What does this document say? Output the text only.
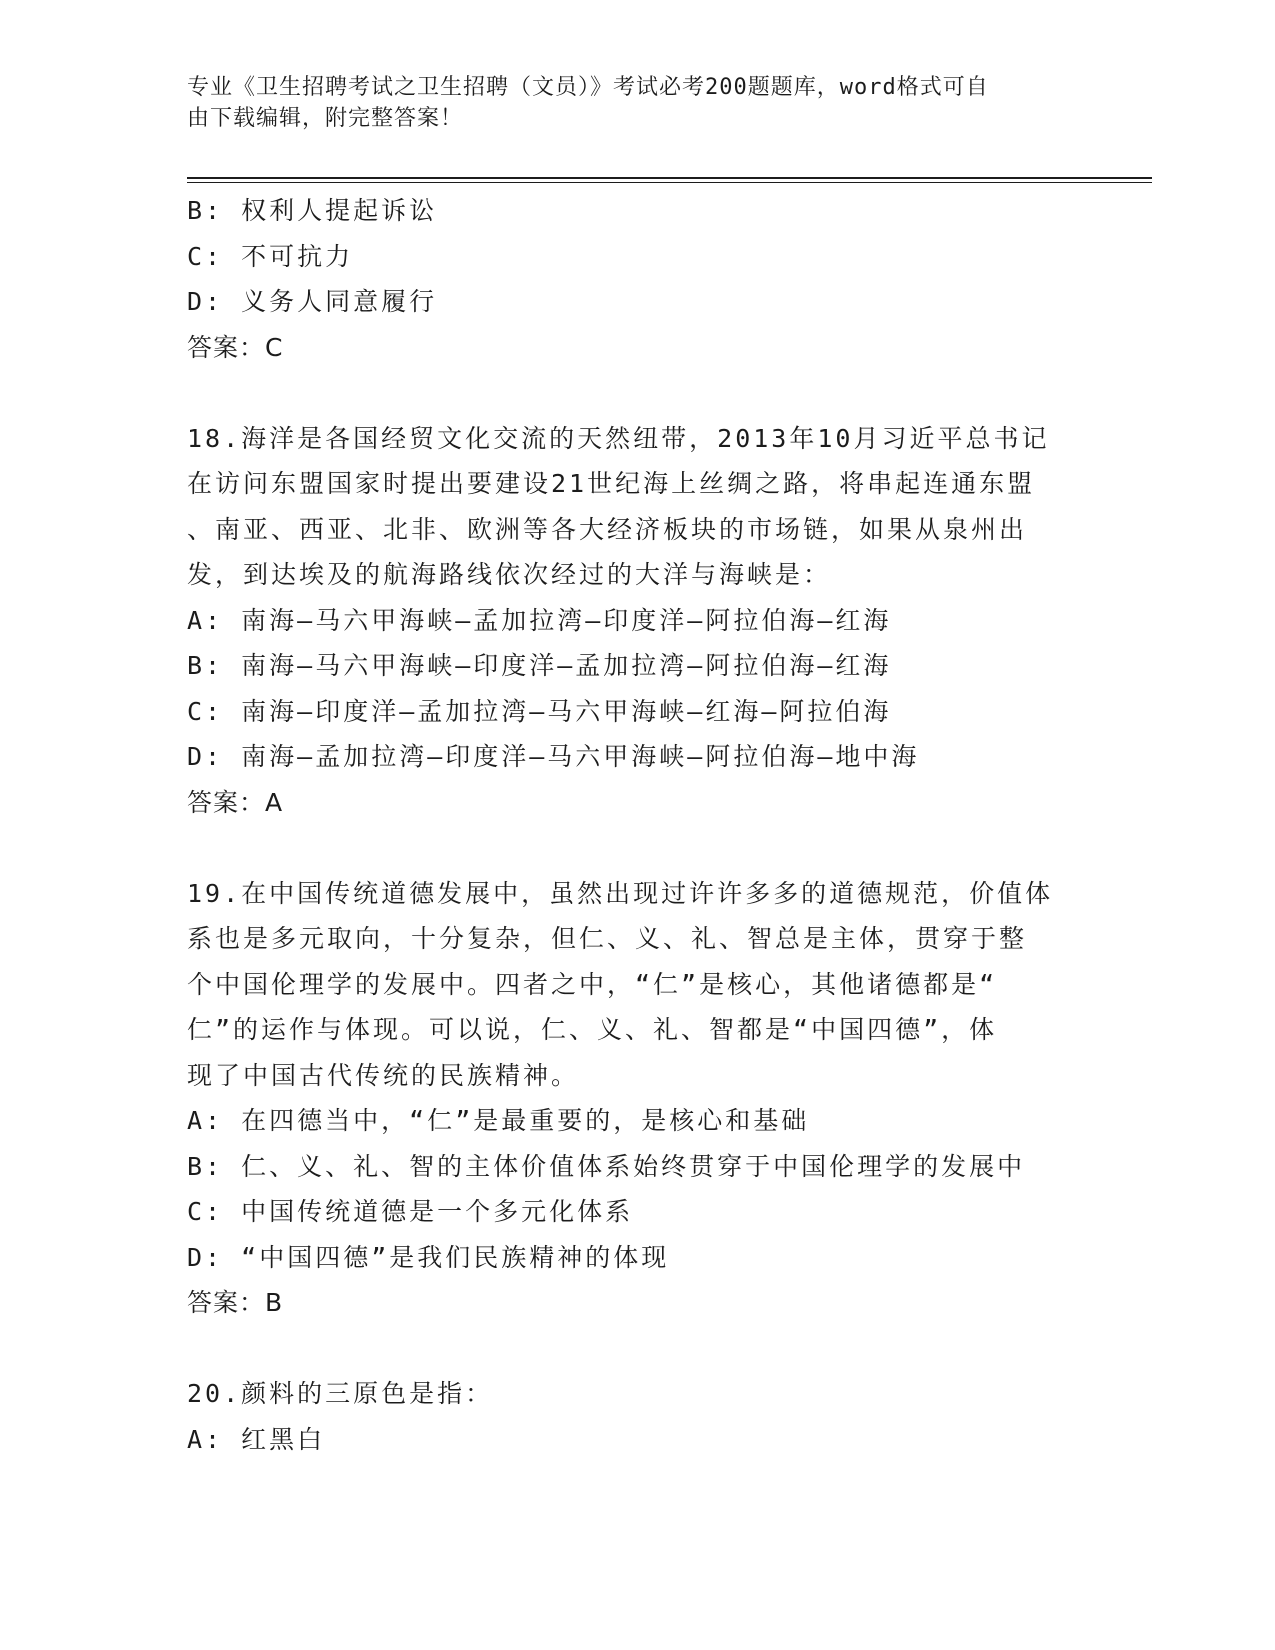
专业《卫生招聘考试之卫生招聘（文员）》考试必考200题题库，word格式可自
由下载编辑，附完整答案！
B: 权利人提起诉讼
C: 不可抗力
D: 义务人同意履行
答案：C
18.海洋是各国经贸文化交流的天然纽带，2013年10月习近平总书记
在访问东盟国家时提出要建设21世纪海上丝绸之路，将串起连通东盟
、南亚、西亚、北非、欧洲等各大经济板块的市场链，如果从泉州出
发，到达埃及的航海路线依次经过的大洋与海峡是：
A: 南海—马六甲海峡—孟加拉湾—印度洋—阿拉伯海—红海
B: 南海—马六甲海峡—印度洋—孟加拉湾—阿拉伯海—红海
C: 南海—印度洋—孟加拉湾—马六甲海峡—红海—阿拉伯海
D: 南海—孟加拉湾—印度洋—马六甲海峡—阿拉伯海—地中海
答案：A
19.在中国传统道德发展中，虽然出现过许许多多的道德规范，价值体
系也是多元取向，十分复杂，但仁、义、礼、智总是主体，贯穿于整
个中国伦理学的发展中。四者之中，“仁”是核心，其他诸德都是“
仁”的运作与体现。可以说，仁、义、礼、智都是“中国四德”，体
现了中国古代传统的民族精神。
A: 在四德当中，“仁”是最重要的，是核心和基础
B: 仁、义、礼、智的主体价值体系始终贯穿于中国伦理学的发展中
C: 中国传统道德是一个多元化体系
D: “中国四德”是我们民族精神的体现
答案：B
20.颜料的三原色是指：
A: 红黑白
